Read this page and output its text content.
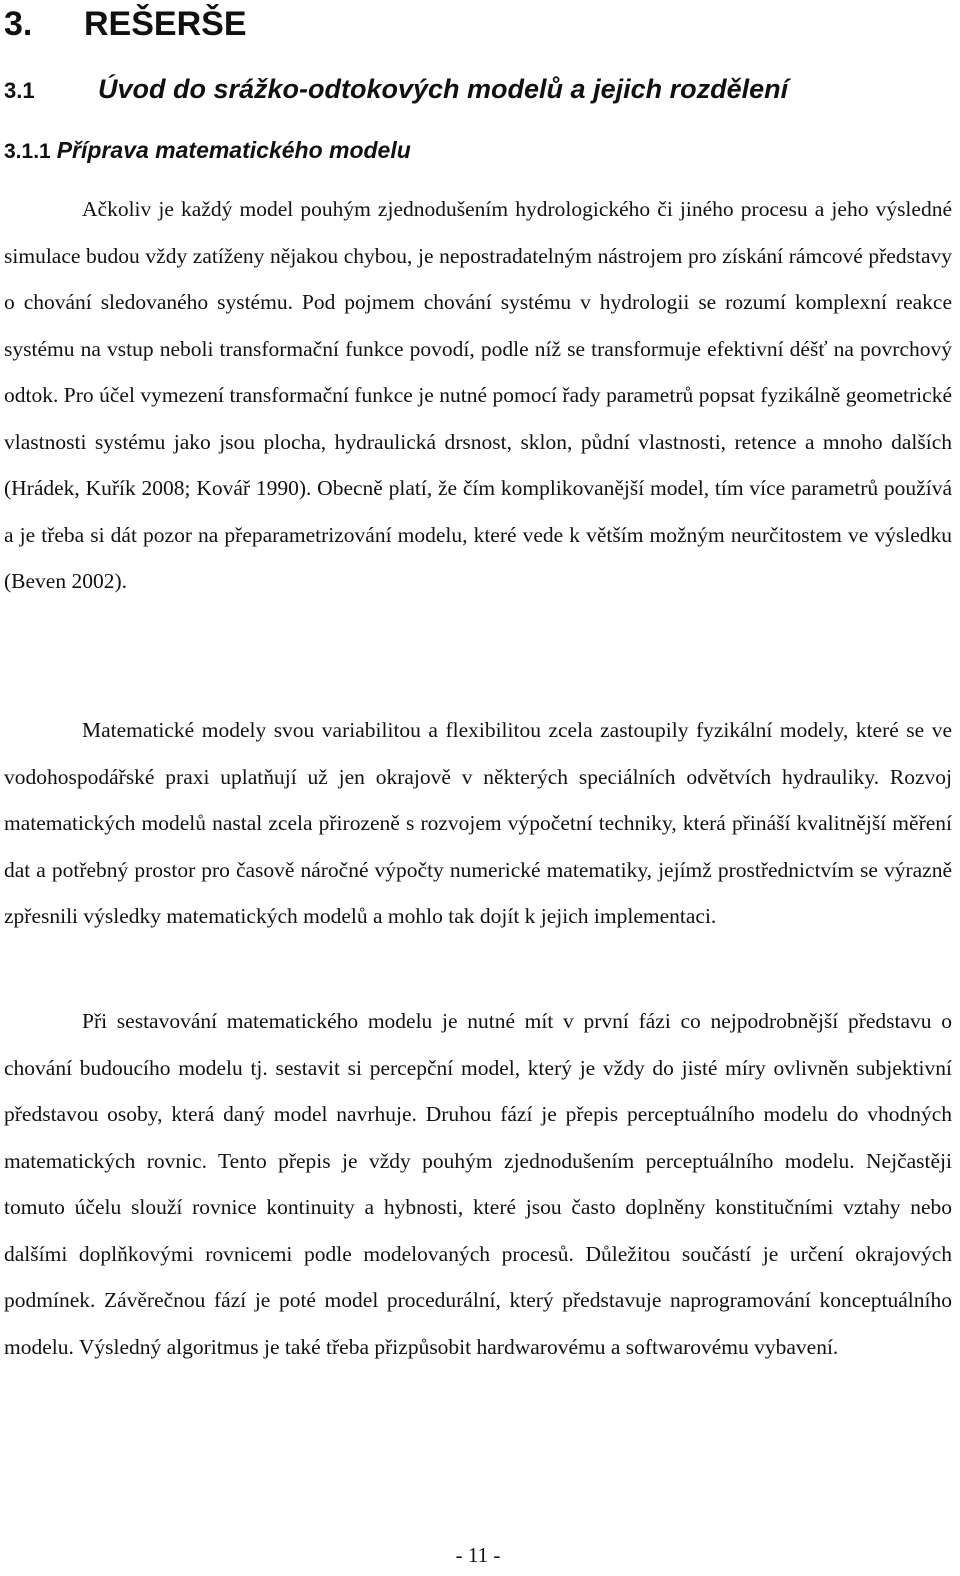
3. REŠERŠE
3.1 Úvod do srážko-odtokových modelů a jejich rozdělení
3.1.1 Příprava matematického modelu

Ačkoliv je každý model pouhým zjednodušením hydrologického či jiného procesu a jeho výsledné simulace budou vždy zatíženy nějakou chybou, je nepostradatelným nástrojem pro získání rámcové představy o chování sledovaného systému. Pod pojmem chování systému v hydrologii se rozumí komplexní reakce systému na vstup neboli transformační funkce povodí, podle níž se transformuje efektivní déšť na povrchový odtok. Pro účel vymezení transformační funkce je nutné pomocí řady parametrů popsat fyzikálně geometrické vlastnosti systému jako jsou plocha, hydraulická drsnost, sklon, půdní vlastnosti, retence a mnoho dalších (Hrádek, Kuřík 2008; Kovář 1990). Obecně platí, že čím komplikovanější model, tím více parametrů používá a je třeba si dát pozor na přeparametrizování modelu, které vede k větším možným neurčitostem ve výsledku (Beven 2002).

Matematické modely svou variabilitou a flexibilitou zcela zastoupily fyzikální modely, které se ve vodohospodářské praxi uplatňují už jen okrajově v některých speciálních odvětvích hydrauliky. Rozvoj matematických modelů nastal zcela přirozeně s rozvojem výpočetní techniky, která přináší kvalitnější měření dat a potřebný prostor pro časově náročné výpočty numerické matematiky, jejímž prostřednictvím se výrazně zpřesnili výsledky matematických modelů a mohlo tak dojít k jejich implementaci.

Při sestavování matematického modelu je nutné mít v první fázi co nejpodrobnější představu o chování budoucího modelu tj. sestavit si percepční model, který je vždy do jisté míry ovlivněn subjektivní představou osoby, která daný model navrhuje. Druhou fází je přepis perceptuálního modelu do vhodných matematických rovnic. Tento přepis je vždy pouhým zjednodušením perceptuálního modelu. Nejčastěji tomuto účelu slouží rovnice kontinuity a hybnosti, které jsou často doplněny konstitučními vztahy nebo dalšími doplňkovými rovnicemi podle modelovaných procesů. Důležitou součástí je určení okrajových podmínek. Závěrečnou fází je poté model procedurální, který představuje naprogramování konceptuálního modelu. Výsledný algoritmus je také třeba přizpůsobit hardwarovému a softwarovému vybavení.

- 11 -
